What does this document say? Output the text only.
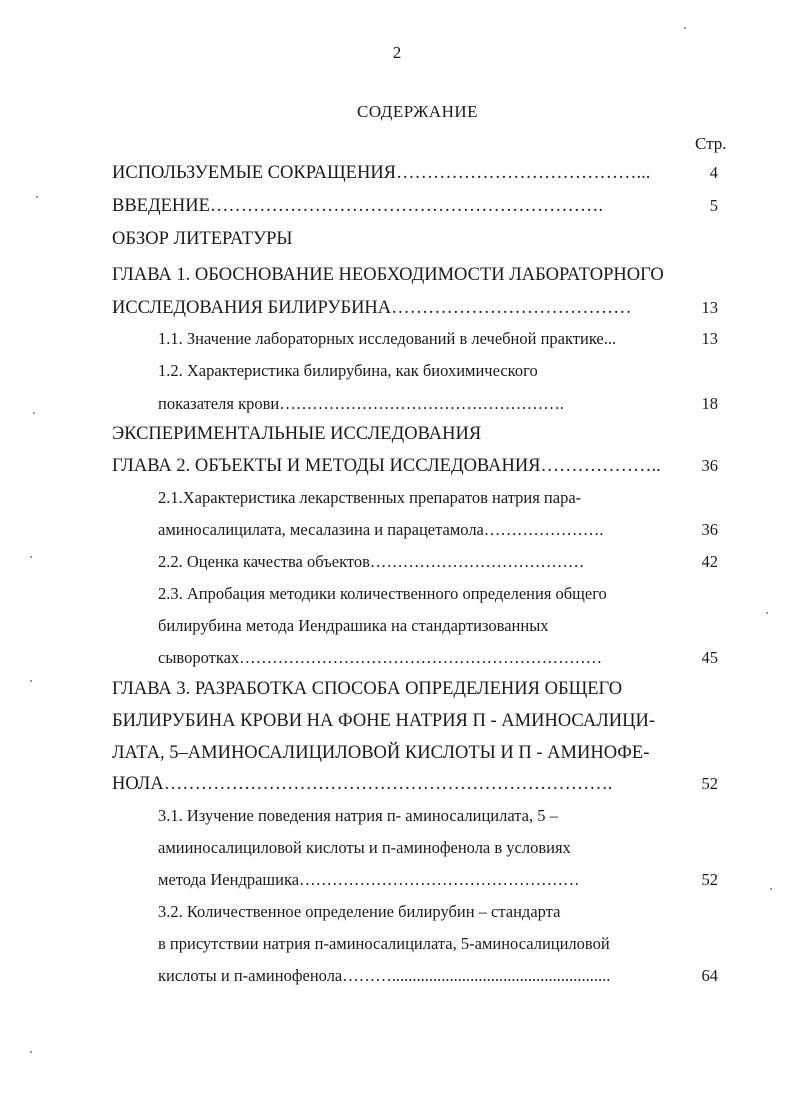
2
СОДЕРЖАНИЕ
Стр.
ИСПОЛЬЗУЕМЫЕ СОКРАЩЕНИЯ…………………………………...	4
ВВЕДЕНИЕ……………………………………………………….	5
ОБЗОР ЛИТЕРАТУРЫ
ГЛАВА 1. ОБОСНОВАНИЕ НЕОБХОДИМОСТИ ЛАБОРАТОРНОГО
ИССЛЕДОВАНИЯ БИЛИРУБИНА…………………………………	13
1.1. Значение лабораторных исследований в лечебной практике...	13
1.2. Характеристика билирубина, как биохимического
показателя крови…………………………………………….	18
ЭКСПЕРИМЕНТАЛЬНЫЕ ИССЛЕДОВАНИЯ
ГЛАВА 2. ОБЪЕКТЫ И МЕТОДЫ ИССЛЕДОВАНИЯ………………..	36
2.1.Характеристика лекарственных препаратов натрия пара-
аминосалицилата, месалазина и парацетамола………………….	36
2.2. Оценка качества объектов…………………………………	42
2.3. Апробация методики количественного определения общего
билирубина метода Иендрашика на стандартизованных
сыворотках…………………………………………………………	45
ГЛАВА 3. РАЗРАБОТКА СПОСОБА ОПРЕДЕЛЕНИЯ ОБЩЕГО
БИЛИРУБИНА КРОВИ НА ФОНЕ НАТРИЯ П - АМИНОСАЛИЦИ-
ЛАТА, 5–АМИНОСАЛИЦИЛОВОЙ КИСЛОТЫ И П - АМИНОФЕ-
НОЛА……………………………………………………………….	52
3.1. Изучение поведения натрия п- аминосалицилата, 5 –
амииносалициловой кислоты и п-аминофенола в условиях
метода Иендрашика……………………………………………	52
3.2. Количественное определение билирубин – стандарта
в присутствии натрия п-аминосалицилата, 5-аминосалициловой
кислоты и п-аминофенола……….....................................................	64
